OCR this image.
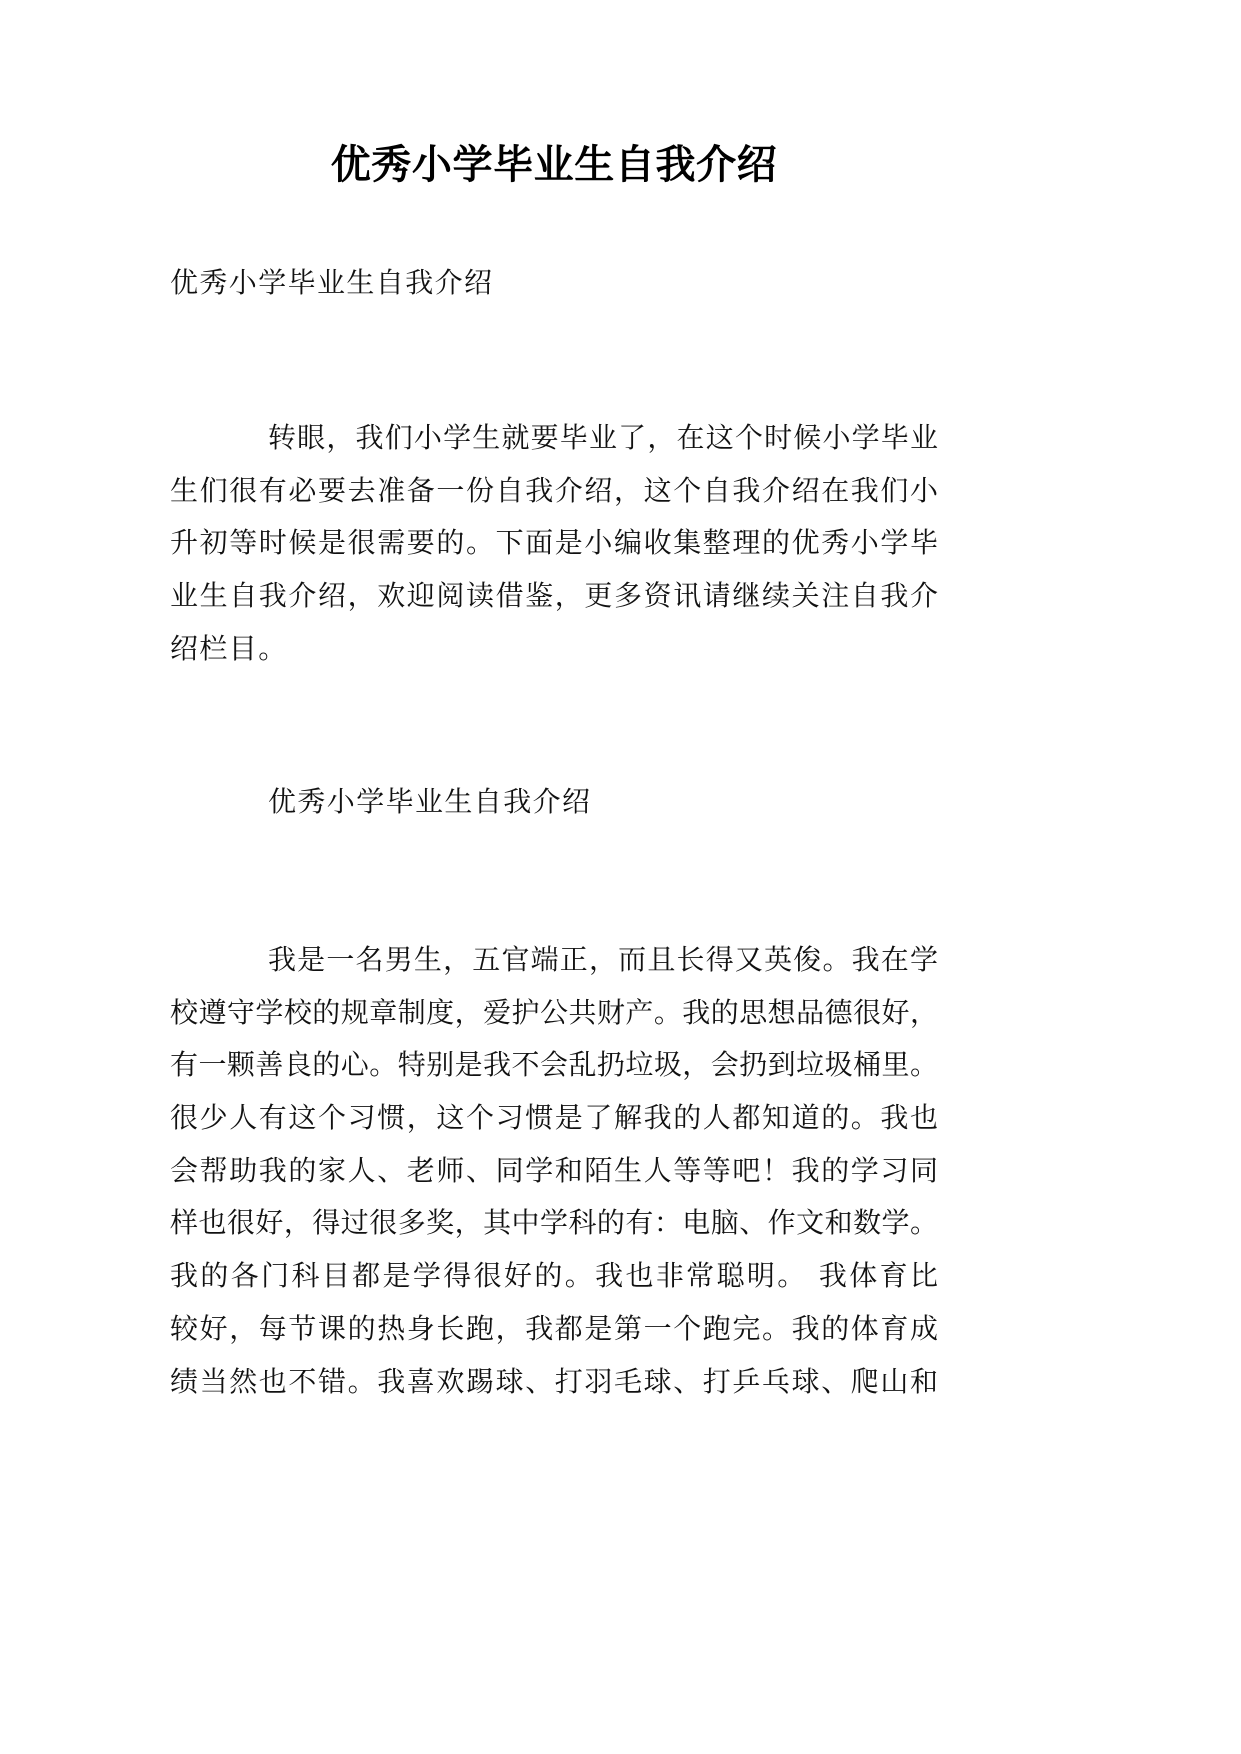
优秀小学毕业生自我介绍
优秀小学毕业生自我介绍
转眼，我们小学生就要毕业了，在这个时候小学毕业
生们很有必要去准备一份自我介绍，这个自我介绍在我们小
升初等时候是很需要的。下面是小编收集整理的优秀小学毕
业生自我介绍，欢迎阅读借鉴，更多资讯请继续关注自我介
绍栏目。
优秀小学毕业生自我介绍
我是一名男生，五官端正，而且长得又英俊。我在学
校遵守学校的规章制度，爱护公共财产。我的思想品德很好，
有一颗善良的心。特别是我不会乱扔垃圾，会扔到垃圾桶里。
很少人有这个习惯，这个习惯是了解我的人都知道的。我也
会帮助我的家人、老师、同学和陌生人等等吧！我的学习同
样也很好，得过很多奖，其中学科的有：电脑、作文和数学。
我的各门科目都是学得很好的。我也非常聪明。 我体育比
较好，每节课的热身长跑，我都是第一个跑完。我的体育成
绩当然也不错。我喜欢踢球、打羽毛球、打乒乓球、爬山和
